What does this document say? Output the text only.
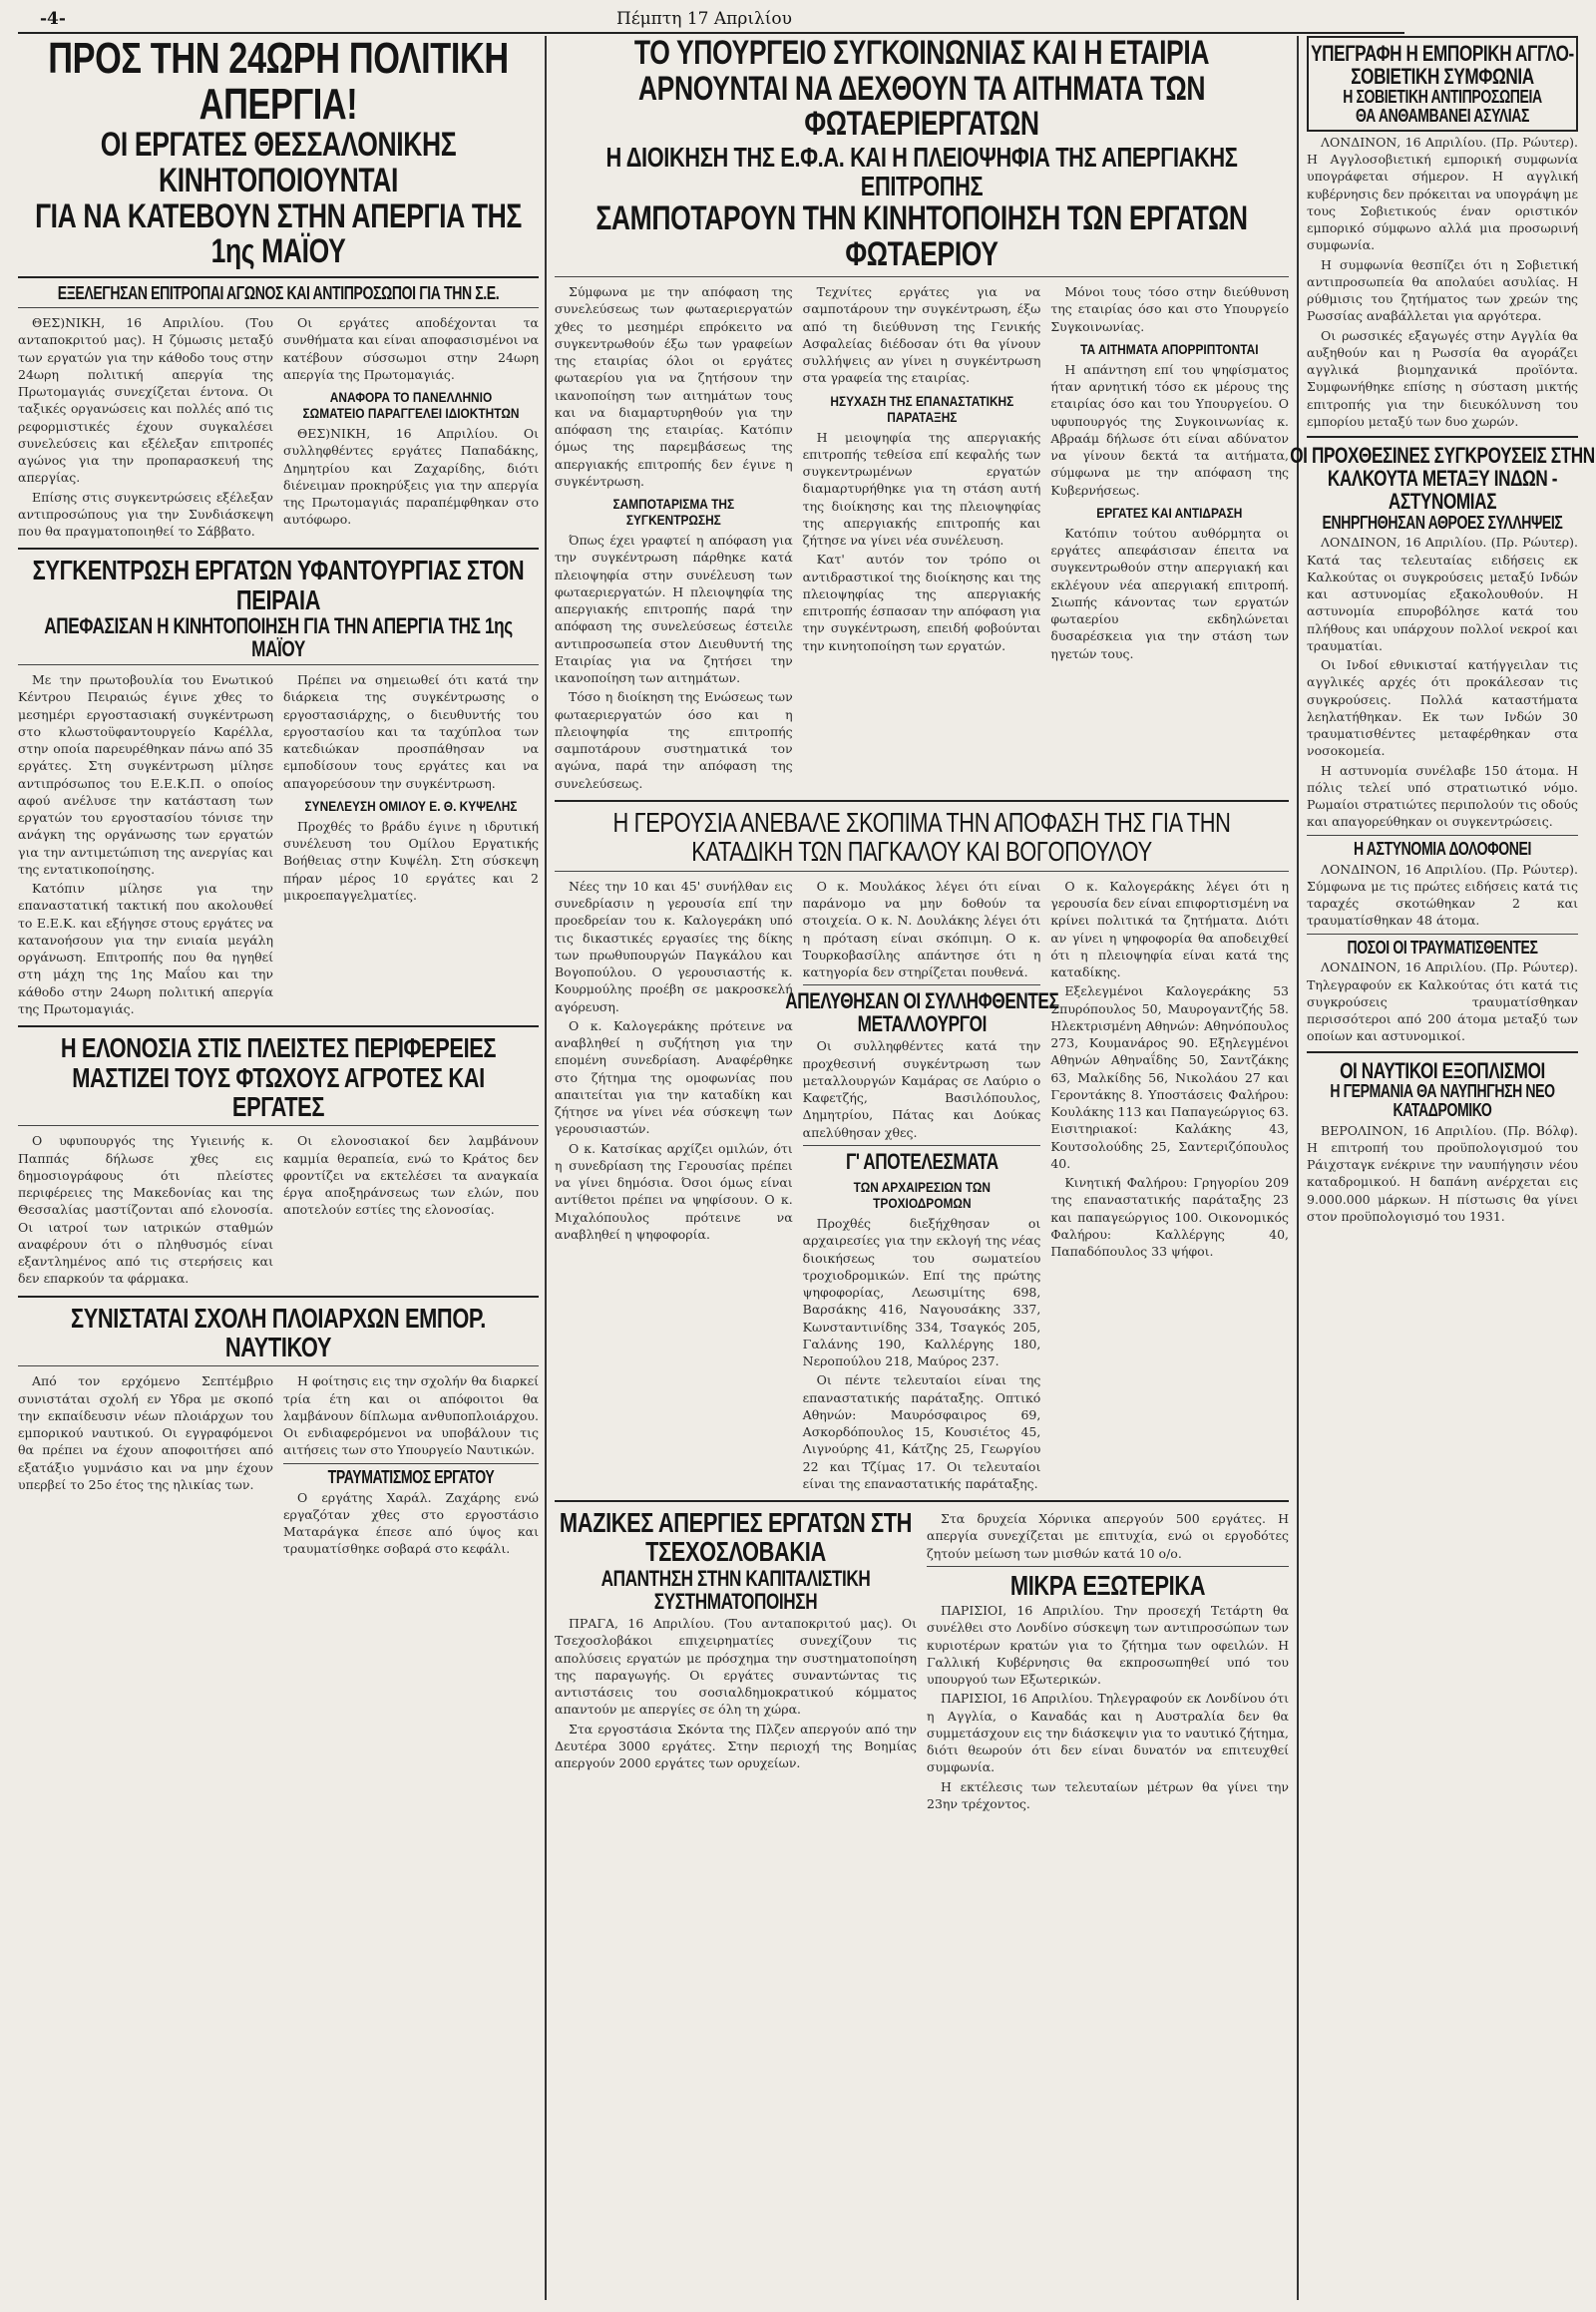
-4-	Πέμπτη 17 Απριλίου
ΠΡΟΣ ΤΗΝ 24ΩΡΗ ΠΟΛΙΤΙΚΗ ΑΠΕΡΓΙΑ!
ΟΙ ΕΡΓΑΤΕΣ ΘΕΣΣΑΛΟΝΙΚΗΣ ΚΙΝΗΤΟΠΟΙΟΥΝΤΑΙ
ΓΙΑ ΝΑ ΚΑΤΕΒΟΥΝ ΣΤΗΝ ΑΠΕΡΓΙΑ ΤΗΣ 1ης ΜΑΪΟΥ
ΕΞΕΛΕΓΗΣΑΝ ΕΠΙΤΡΟΠΑΙ ΑΓΩΝΟΣ ΚΑΙ ΑΝΤΙΠΡΟΣΩΠΟΙ ΓΙΑ ΤΗΝ Σ.Ε.

ΘΕΣ)ΝΙΚΗ, 16 Απριλίου. (Του ανταποκριτού μας). Η ζύμωσις μεταξύ των εργατών για την κάθοδο τους στην 24ωρη πολιτική απεργία της Πρωτομαγιάς συνεχίζεται έντονα. Οι ταξικές οργανώσεις και πολλές από τις ρεφορμιστικές έχουν συγκαλέσει συνελεύσεις και εξέλεξαν επιτροπές αγώνος για την προπαρασκευή της απεργίας.

Επίσης στις συγκεντρώσεις εξέλεξαν αντιπροσώπους για την Συνδιάσκεψη που θα πραγματοποιηθεί το Σάββατο.

Οι εργάτες αποδέχονται τα συνθήματα και είναι αποφασισμένοι να κατέβουν σύσσωμοι στην 24ωρη απεργία της Πρωτομαγιάς.

ΑΝΑΦΟΡΑ ΤΟ ΠΑΝΕΛΛΗΝΙΟ ΣΩΜΑΤΕΙΟ ΠΑΡΑΓΓΕΛΕΙ ΙΔΙΟΚΤΗΤΩΝ

ΘΕΣ)ΝΙΚΗ, 16 Απριλίου. Οι συλληφθέντες εργάτες Παπαδάκης, Δημητρίου και Ζαχαρίδης, διότι διένειμαν προκηρύξεις για την απεργία της Πρωτομαγιάς παραπέμφθηκαν στο αυτόφωρο.

ΣΥΓΚΕΝΤΡΩΣΗ ΕΡΓΑΤΩΝ ΥΦΑΝΤΟΥΡΓΙΑΣ ΣΤΟΝ ΠΕΙΡΑΙΑ
ΑΠΕΦΑΣΙΣΑΝ Η ΚΙΝΗΤΟΠΟΙΗΣΗ ΓΙΑ ΤΗΝ ΑΠΕΡΓΙΑ ΤΗΣ 1ης ΜΑΪΟΥ

Με την πρωτοβουλία του Ενωτικού Κέντρου Πειραιώς έγινε χθες το μεσημέρι εργοστασιακή συγκέντρωση στο κλωστοϋφαντουργείο Καρέλλα, στην οποία παρευρέθηκαν πάνω από 35 εργάτες. Στη συγκέντρωση μίλησε αντιπρόσωπος του Ε.Ε.Κ.Π. ο οποίος αφού ανέλυσε την κατάσταση των εργατών του εργοστασίου τόνισε την ανάγκη της οργάνωσης των εργατών για την αντιμετώπιση της ανεργίας και της εντατικοποίησης.

Κατόπιν μίλησε για την επαναστατική τακτική που ακολουθεί το Ε.Ε.Κ. και εξήγησε στους εργάτες να κατανοήσουν για την ενιαία μεγάλη οργάνωση. Επιτροπής που θα ηγηθεί στη μάχη της 1ης Μαΐου και την κάθοδο στην 24ωρη πολιτική απεργία της Πρωτομαγιάς.

Πρέπει να σημειωθεί ότι κατά την διάρκεια της συγκέντρωσης ο εργοστασιάρχης, ο διευθυντής του εργοστασίου και τα ταχύπλοα των κατεδιώκαν προσπάθησαν να εμποδίσουν τους εργάτες και να απαγορεύσουν την συγκέντρωση.

ΣΥΝΕΛΕΥΣΗ ΟΜΙΛΟΥ Ε. Θ. ΚΥΨΕΛΗΣ

Προχθές το βράδυ έγινε η ιδρυτική συνέλευση του Ομίλου Εργατικής Βοήθειας στην Κυψέλη. Στη σύσκεψη πήραν μέρος 10 εργάτες και 2 μικροεπαγγελματίες.

Η ΕΛΟΝΟΣΙΑ ΣΤΙΣ ΠΛΕΙΣΤΕΣ ΠΕΡΙΦΕΡΕΙΕΣ ΜΑΣΤΙΖΕΙ ΤΟΥΣ ΦΤΩΧΟΥΣ ΑΓΡΟΤΕΣ ΚΑΙ ΕΡΓΑΤΕΣ

Ο υφυπουργός της Υγιεινής κ. Παππάς δήλωσε χθες εις δημοσιογράφους ότι πλείστες περιφέρειες της Μακεδονίας και της Θεσσαλίας μαστίζονται από ελονοσία. Οι ιατροί των ιατρικών σταθμών αναφέρουν ότι ο πληθυσμός είναι εξαντλημένος από τις στερήσεις και δεν επαρκούν τα φάρμακα.

Οι ελονοσιακοί δεν λαμβάνουν καμμία θεραπεία, ενώ το Κράτος δεν φροντίζει να εκτελέσει τα αναγκαία έργα αποξηράνσεως των ελών, που αποτελούν εστίες της ελονοσίας.

ΣΥΝΙΣΤΑΤΑΙ ΣΧΟΛΗ ΠΛΟΙΑΡΧΩΝ ΕΜΠΟΡ. ΝΑΥΤΙΚΟΥ

Από τον ερχόμενο Σεπτέμβριο συνιστάται σχολή εν Υδρα με σκοπό την εκπαίδευσιν νέων πλοιάρχων του εμπορικού ναυτικού. Οι εγγραφόμενοι θα πρέπει να έχουν αποφοιτήσει από εξατάξιο γυμνάσιο και να μην έχουν υπερβεί το 25ο έτος της ηλικίας των.

Η φοίτησις εις την σχολήν θα διαρκεί τρία έτη και οι απόφοιτοι θα λαμβάνουν δίπλωμα ανθυποπλοιάρχου. Οι ενδιαφερόμενοι να υποβάλουν τις αιτήσεις των στο Υπουργείο Ναυτικών.

ΤΡΑΥΜΑΤΙΣΜΟΣ ΕΡΓΑΤΟΥ

Ο εργάτης Χαράλ. Ζαχάρης ενώ εργαζόταν χθες στο εργοστάσιο Ματαράγκα έπεσε από ύψος και τραυματίσθηκε σοβαρά στο κεφάλι.

ΤΟ ΥΠΟΥΡΓΕΙΟ ΣΥΓΚΟΙΝΩΝΙΑΣ ΚΑΙ Η ΕΤΑΙΡΙΑ
ΑΡΝΟΥΝΤΑΙ ΝΑ ΔΕΧΘΟΥΝ ΤΑ ΑΙΤΗΜΑΤΑ ΤΩΝ ΦΩΤΑΕΡΙΕΡΓΑΤΩΝ
Η ΔΙΟΙΚΗΣΗ ΤΗΣ Ε.Φ.Α. ΚΑΙ Η ΠΛΕΙΟΨΗΦΙΑ ΤΗΣ ΑΠΕΡΓΙΑΚΗΣ ΕΠΙΤΡΟΠΗΣ
ΣΑΜΠΟΤΑΡΟΥΝ ΤΗΝ ΚΙΝΗΤΟΠΟΙΗΣΗ ΤΩΝ ΕΡΓΑΤΩΝ ΦΩΤΑΕΡΙΟΥ

Σύμφωνα με την απόφαση της συνελεύσεως των φωταεριεργατών χθες το μεσημέρι επρόκειτο να συγκεντρωθούν έξω των γραφείων της εταιρίας όλοι οι εργάτες φωταερίου για να ζητήσουν την ικανοποίηση των αιτημάτων τους και να διαμαρτυρηθούν για την απόφαση της εταιρίας. Κατόπιν όμως της παρεμβάσεως της απεργιακής επιτροπής δεν έγινε η συγκέντρωση.

ΣΑΜΠΟΤΑΡΙΣΜΑ ΤΗΣ ΣΥΓΚΕΝΤΡΩΣΗΣ

Όπως έχει γραφτεί η απόφαση για την συγκέντρωση πάρθηκε κατά πλειοψηφία στην συνέλευση των φωταεριεργατών. Η πλειοψηφία της απεργιακής επιτροπής παρά την απόφαση της συνελεύσεως έστειλε αντιπροσωπεία στον Διευθυντή της Εταιρίας για να ζητήσει την ικανοποίηση των αιτημάτων.

Τόσο η διοίκηση της Ενώσεως των φωταεριεργατών όσο και η πλειοψηφία της επιτροπής σαμποτάρουν συστηματικά τον αγώνα, παρά την απόφαση της συνελεύσεως.

Τεχνίτες εργάτες για να σαμποτάρουν την συγκέντρωση, έξω από τη διεύθυνση της Γενικής Ασφαλείας διέδοσαν ότι θα γίνουν συλλήψεις αν γίνει η συγκέντρωση στα γραφεία της εταιρίας.

ΗΣΥΧΑΣΗ ΤΗΣ ΕΠΑΝΑΣΤΑΤΙΚΗΣ ΠΑΡΑΤΑΞΗΣ

Η μειοψηφία της απεργιακής επιτροπής τεθείσα επί κεφαλής των συγκεντρωμένων εργατών διαμαρτυρήθηκε για τη στάση αυτή της διοίκησης και της πλειοψηφίας της απεργιακής επιτροπής και ζήτησε να γίνει νέα συνέλευση.

Κατ' αυτόν τον τρόπο οι αντιδραστικοί της διοίκησης και της πλειοψηφίας της απεργιακής επιτροπής έσπασαν την απόφαση για την συγκέντρωση, επειδή φοβούνται την κινητοποίηση των εργατών.

Μόνοι τους τόσο στην διεύθυνση της εταιρίας όσο και στο Υπουργείο Συγκοινωνίας.

ΤΑ ΑΙΤΗΜΑΤΑ ΑΠΟΡΡΙΠΤΟΝΤΑΙ

Η απάντηση επί του ψηφίσματος ήταν αρνητική τόσο εκ μέρους της εταιρίας όσο και του Υπουργείου. Ο υφυπουργός της Συγκοινωνίας κ. Αβραάμ δήλωσε ότι είναι αδύνατον να γίνουν δεκτά τα αιτήματα, σύμφωνα με την απόφαση της Κυβερνήσεως.

ΕΡΓΑΤΕΣ ΚΑΙ ΑΝΤΙΔΡΑΣΗ

Κατόπιν τούτου αυθόρμητα οι εργάτες απεφάσισαν έπειτα να συγκεντρωθούν στην απεργιακή και εκλέγουν νέα απεργιακή επιτροπή. Σιωπής κάνοντας των εργατών φωταερίου εκδηλώνεται δυσαρέσκεια για την στάση των ηγετών τους.

Η ΓΕΡΟΥΣΙΑ ΑΝΕΒΑΛΕ ΣΚΟΠΙΜΑ ΤΗΝ ΑΠΟΦΑΣΗ ΤΗΣ ΓΙΑ ΤΗΝ ΚΑΤΑΔΙΚΗ ΤΩΝ ΠΑΓΚΑΛΟΥ ΚΑΙ ΒΟΓΟΠΟΥΛΟΥ

Νέες την 10 και 45' συνήλθαν εις συνεδρίασιν η γερουσία επί την προεδρείαν του κ. Καλογεράκη υπό τις δικαστικές εργασίες της δίκης των πρωθυπουργών Παγκάλου και Βογοπούλου. Ο γερουσιαστής κ. Κουρμούλης προέβη σε μακροσκελή αγόρευση.

Ο κ. Καλογεράκης πρότεινε να αναβληθεί η συζήτηση για την επομένη συνεδρίαση. Αναφέρθηκε στο ζήτημα της ομοφωνίας που απαιτείται για την καταδίκη και ζήτησε να γίνει νέα σύσκεψη των γερουσιαστών.

Ο κ. Κατσίκας αρχίζει ομιλών, ότι η συνεδρίαση της Γερουσίας πρέπει να γίνει δημόσια. Όσοι όμως είναι αντίθετοι πρέπει να ψηφίσουν. Ο κ. Μιχαλόπουλος πρότεινε να αναβληθεί η ψηφοφορία.

Ο κ. Μουλάκος λέγει ότι είναι παράνομο να μην δοθούν τα στοιχεία. Ο κ. Ν. Δουλάκης λέγει ότι η πρόταση είναι σκόπιμη. Ο κ. Τουρκοβασίλης απάντησε ότι η κατηγορία δεν στηρίζεται πουθενά.

ΑΠΕΛΥΘΗΣΑΝ ΟΙ ΣΥΛΛΗΦΘΕΝΤΕΣ ΜΕΤΑΛΛΟΥΡΓΟΙ

Οι συλληφθέντες κατά την προχθεσινή συγκέντρωση των μεταλλουργών Καμάρας σε Λαύριο ο Καφετζής, Βασιλόπουλος, Δημητρίου, Πάτας και Δούκας απελύθησαν χθες.

Γ' ΑΠΟΤΕΛΕΣΜΑΤΑ
ΤΩΝ ΑΡΧΑΙΡΕΣΙΩΝ ΤΩΝ ΤΡΟΧΙΟΔΡΟΜΩΝ

Προχθές διεξήχθησαν οι αρχαιρεσίες για την εκλογή της νέας διοικήσεως του σωματείου τροχιοδρομικών. Επί της πρώτης ψηφοφορίας, Λεωσιμίτης 698, Βαρσάκης 416, Ναγουσάκης 337, Κωνσταντινίδης 334, Τσαγκός 205, Γαλάνης 190, Καλλέργης 180, Νεροπούλου 218, Μαύρος 237.

Οι πέντε τελευταίοι είναι της επαναστατικής παράταξης. Οπτικό Αθηνών: Μαυρόσφαιρος 69, Ασκορδόπουλος 15, Κουσιέτος 45, Λιγνούρης 41, Κάτζης 25, Γεωργίου 22 και Τζίμας 17. Οι τελευταίοι είναι της επαναστατικής παράταξης.

Ο κ. Καλογεράκης λέγει ότι η γερουσία δεν είναι επιφορτισμένη να κρίνει πολιτικά τα ζητήματα. Διότι αν γίνει η ψηφοφορία θα αποδειχθεί ότι η πλειοψηφία είναι κατά της καταδίκης.

Εξελεγμένοι Καλογεράκης 53 Σπυρόπουλος 50, Μαυρογαντζής 58. Ηλεκτρισμένη Αθηνών: Αθηνόπουλος 273, Κουμανάρος 90. Εξηλεγμένοι Αθηνών Αθηναΐδης 50, Σαντζάκης 63, Μαλκίδης 56, Νικολάου 27 και Γεροντάκης 8. Υποστάσεις Φαλήρου: Κουλάκης 113 και Παπαγεώργιος 63. Εισιτηριακοί: Καλάκης 43, Κουτσολούδης 25, Σαντεριζόπουλος 40.

Κινητική Φαλήρου: Γρηγορίου 209 της επαναστατικής παράταξης 23 και παπαγεώργιος 100. Οικονομικός Φαλήρου: Καλλέργης 40, Παπαδόπουλος 33 ψήφοι.

ΜΑΖΙΚΕΣ ΑΠΕΡΓΙΕΣ ΕΡΓΑΤΩΝ ΣΤΗ ΤΣΕΧΟΣΛΟΒΑΚΙΑ
ΑΠΑΝΤΗΣΗ ΣΤΗΝ ΚΑΠΙΤΑΛΙΣΤΙΚΗ ΣΥΣΤΗΜΑΤΟΠΟΙΗΣΗ

ΠΡΑΓΑ, 16 Απριλίου. (Του ανταποκριτού μας). Οι Τσεχοσλοβάκοι επιχειρηματίες συνεχίζουν τις απολύσεις εργατών με πρόσχημα την συστηματοποίηση της παραγωγής. Οι εργάτες συναντώντας τις αντιστάσεις του σοσιαλδημοκρατικού κόμματος απαντούν με απεργίες σε όλη τη χώρα.

Στα εργοστάσια Σκόντα της Πλζεν απεργούν από την Δευτέρα 3000 εργάτες. Στην περιοχή της Βοημίας απεργούν 2000 εργάτες των ορυχείων.

Στα δρυχεία Χόρνικα απεργούν 500 εργάτες. Η απεργία συνεχίζεται με επιτυχία, ενώ οι εργοδότες ζητούν μείωση των μισθών κατά 10 ο/ο.

ΜΙΚΡΑ ΕΞΩΤΕΡΙΚΑ

ΠΑΡΙΣΙΟΙ, 16 Απριλίου. Την προσεχή Τετάρτη θα συνέλθει στο Λονδίνο σύσκεψη των αντιπροσώπων των κυριοτέρων κρατών για το ζήτημα των οφειλών. Η Γαλλική Κυβέρνησις θα εκπροσωπηθεί υπό του υπουργού των Εξωτερικών.

ΠΑΡΙΣΙΟΙ, 16 Απριλίου. Τηλεγραφούν εκ Λονδίνου ότι η Αγγλία, ο Καναδάς και η Αυστραλία δεν θα συμμετάσχουν εις την διάσκεψιν για το ναυτικό ζήτημα, διότι θεωρούν ότι δεν είναι δυνατόν να επιτευχθεί συμφωνία.

Η εκτέλεσις των τελευταίων μέτρων θα γίνει την 23ην τρέχοντος.

ΥΠΕΓΡΑΦΗ Η ΕΜΠΟΡΙΚΗ ΑΓΓΛΟ-ΣΟΒΙΕΤΙΚΗ ΣΥΜΦΩΝΙΑ
Η ΣΟΒΙΕΤΙΚΗ ΑΝΤΙΠΡΟΣΩΠΕΙΑ
ΘΑ ΑΝΘΑΜΒΑΝΕΙ ΑΣΥΛΙΑΣ

ΛΟΝΔΙΝΟΝ, 16 Απριλίου. (Πρ. Ρώυτερ). Η Αγγλοσοβιετική εμπορική συμφωνία υπογράφεται σήμερον. Η αγγλική κυβέρνησις δεν πρόκειται να υπογράψη με τους Σοβιετικούς έναν οριστικόν εμπορικό σύμφωνο αλλά μια προσωρινή συμφωνία.

Η συμφωνία θεσπίζει ότι η Σοβιετική αντιπροσωπεία θα απολαύει ασυλίας. Η ρύθμισις του ζητήματος των χρεών της Ρωσσίας αναβάλλεται για αργότερα.

Οι ρωσσικές εξαγωγές στην Αγγλία θα αυξηθούν και η Ρωσσία θα αγοράζει αγγλικά βιομηχανικά προϊόντα. Συμφωνήθηκε επίσης η σύσταση μικτής επιτροπής για την διευκόλυνση του εμπορίου μεταξύ των δυο χωρών.

ΟΙ ΠΡΟΧΘΕΣΙΝΕΣ ΣΥΓΚΡΟΥΣΕΙΣ ΣΤΗΝ ΚΑΛΚΟΥΤΑ ΜΕΤΑΞΥ ΙΝΔΩΝ - ΑΣΤΥΝΟΜΙΑΣ
ΕΝΗΡΓΗΘΗΣΑΝ ΑΘΡΟΕΣ ΣΥΛΛΗΨΕΙΣ

ΛΟΝΔΙΝΟΝ, 16 Απριλίου. (Πρ. Ρώυτερ). Κατά τας τελευταίας ειδήσεις εκ Καλκούτας οι συγκρούσεις μεταξύ Ινδών και αστυνομίας εξακολουθούν. Η αστυνομία επυροβόλησε κατά του πλήθους και υπάρχουν πολλοί νεκροί και τραυματίαι.

Οι Ινδοί εθνικισταί κατήγγειλαν τις αγγλικές αρχές ότι προκάλεσαν τις συγκρούσεις. Πολλά καταστήματα λεηλατήθηκαν. Εκ των Ινδών 30 τραυματισθέντες μεταφέρθηκαν στα νοσοκομεία.

Η αστυνομία συνέλαβε 150 άτομα. Η πόλις τελεί υπό στρατιωτικό νόμο. Ρωμαίοι στρατιώτες περιπολούν τις οδούς και απαγορεύθηκαν οι συγκεντρώσεις.

Η ΑΣΤΥΝΟΜΙΑ ΔΟΛΟΦΟΝΕΙ

ΛΟΝΔΙΝΟΝ, 16 Απριλίου. (Πρ. Ρώυτερ). Σύμφωνα με τις πρώτες ειδήσεις κατά τις ταραχές σκοτώθηκαν 2 και τραυματίσθηκαν 48 άτομα.

ΠΟΣΟΙ ΟΙ ΤΡΑΥΜΑΤΙΣΘΕΝΤΕΣ

ΛΟΝΔΙΝΟΝ, 16 Απριλίου. (Πρ. Ρώυτερ). Τηλεγραφούν εκ Καλκούτας ότι κατά τις συγκρούσεις τραυματίσθηκαν περισσότεροι από 200 άτομα μεταξύ των οποίων και αστυνομικοί.

ΟΙ ΝΑΥΤΙΚΟΙ ΕΞΟΠΛΙΣΜΟΙ
Η ΓΕΡΜΑΝΙΑ ΘΑ ΝΑΥΠΗΓΗΣΗ ΝΕΟ ΚΑΤΑΔΡΟΜΙΚΟ

ΒΕΡΟΛΙΝΟΝ, 16 Απριλίου. (Πρ. Βόλφ). Η επιτροπή του προϋπολογισμού του Ράιχσταγκ ενέκρινε την ναυπήγησιν νέου καταδρομικού. Η δαπάνη ανέρχεται εις 9.000.000 μάρκων. Η πίστωσις θα γίνει στον προϋπολογισμό του 1931.
